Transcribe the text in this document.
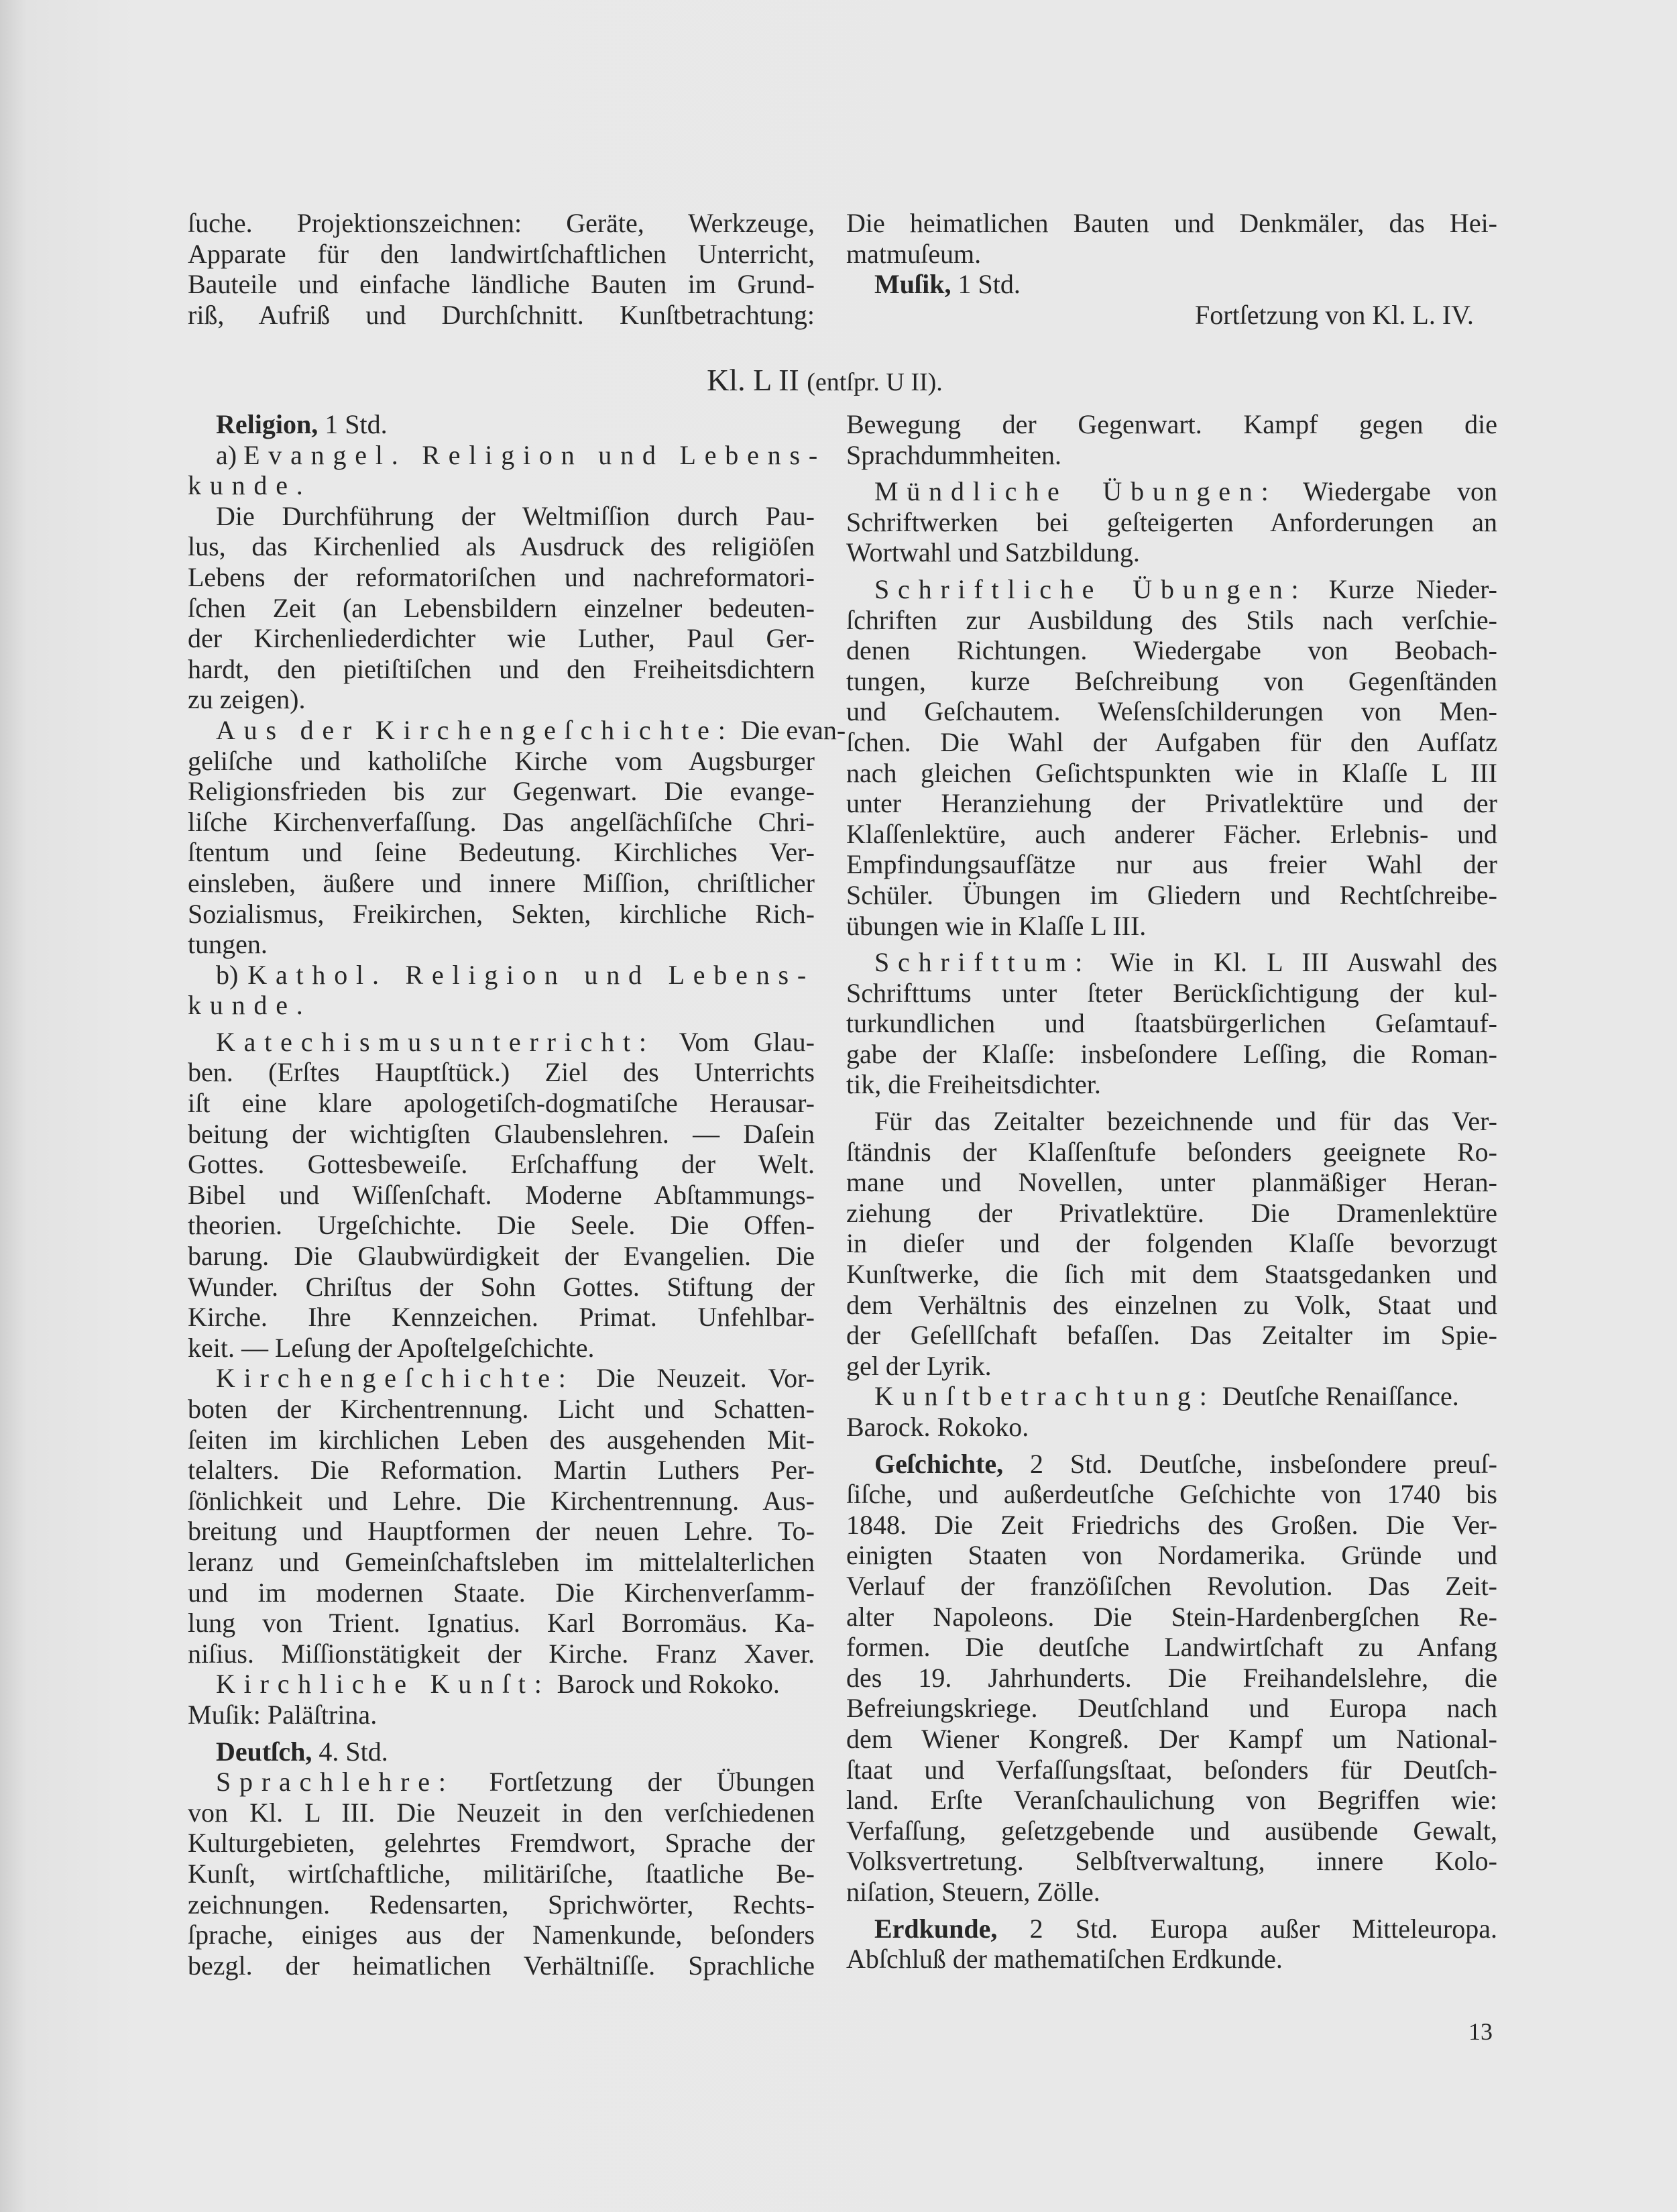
ſuche. Projektionszeichnen: Geräte, Werkzeuge,
Apparate für den landwirtſchaftlichen Unterricht,
Bauteile und einfache ländliche Bauten im Grund-
riß, Aufriß und Durchſchnitt. Kunſtbetrachtung:
Die heimatlichen Bauten und Denkmäler, das Hei-
matmuſeum.
Muſik, 1 Std.
Fortſetzung von Kl. L. IV.
Kl. L II (entſpr. U II).
Religion, 1 Std.
a) Evangel. Religion und Lebens-
kunde.
Die Durchführung der Weltmiſſion durch Pau-
lus, das Kirchenlied als Ausdruck des religiöſen
Lebens der reformatoriſchen und nachreformatori-
ſchen Zeit (an Lebensbildern einzelner bedeuten-
der Kirchenliederdichter wie Luther, Paul Ger-
hardt, den pietiſtiſchen und den Freiheitsdichtern
zu zeigen).
Aus der Kirchengeſchichte: Die evan-
geliſche und katholiſche Kirche vom Augsburger
Religionsfrieden bis zur Gegenwart. Die evange-
liſche Kirchenverfaſſung. Das angelſächſiſche Chri-
ſtentum und ſeine Bedeutung. Kirchliches Ver-
einsleben, äußere und innere Miſſion, chriſtlicher
Sozialismus, Freikirchen, Sekten, kirchliche Rich-
tungen.
b) Kathol. Religion und Lebens-
kunde.
Katechismusunterricht: Vom Glau-
ben. (Erſtes Hauptſtück.) Ziel des Unterrichts
iſt eine klare apologetiſch-dogmatiſche Herausar-
beitung der wichtigſten Glaubenslehren. — Daſein
Gottes. Gottesbeweiſe. Erſchaffung der Welt.
Bibel und Wiſſenſchaft. Moderne Abſtammungs-
theorien. Urgeſchichte. Die Seele. Die Offen-
barung. Die Glaubwürdigkeit der Evangelien. Die
Wunder. Chriſtus der Sohn Gottes. Stiftung der
Kirche. Ihre Kennzeichen. Primat. Unfehlbar-
keit. — Leſung der Apoſtelgeſchichte.
Kirchengeſchichte: Die Neuzeit. Vor-
boten der Kirchentrennung. Licht und Schatten-
ſeiten im kirchlichen Leben des ausgehenden Mit-
telalters. Die Reformation. Martin Luthers Per-
ſönlichkeit und Lehre. Die Kirchentrennung. Aus-
breitung und Hauptformen der neuen Lehre. To-
leranz und Gemeinſchaftsleben im mittelalterlichen
und im modernen Staate. Die Kirchenverſamm-
lung von Trient. Ignatius. Karl Borromäus. Ka-
niſius. Miſſionstätigkeit der Kirche. Franz Xaver.
Kirchliche Kunſt: Barock und Rokoko.
Muſik: Paläſtrina.
Deutſch, 4. Std.
Sprachlehre: Fortſetzung der Übungen
von Kl. L III. Die Neuzeit in den verſchiedenen
Kulturgebieten, gelehrtes Fremdwort, Sprache der
Kunſt, wirtſchaftliche, militäriſche, ſtaatliche Be-
zeichnungen. Redensarten, Sprichwörter, Rechts-
ſprache, einiges aus der Namenkunde, beſonders
bezgl. der heimatlichen Verhältniſſe. Sprachliche
Bewegung der Gegenwart. Kampf gegen die
Sprachdummheiten.
Mündliche Übungen: Wiedergabe von
Schriftwerken bei geſteigerten Anforderungen an
Wortwahl und Satzbildung.
Schriftliche Übungen: Kurze Nieder-
ſchriften zur Ausbildung des Stils nach verſchie-
denen Richtungen. Wiedergabe von Beobach-
tungen, kurze Beſchreibung von Gegenſtänden
und Geſchautem. Weſensſchilderungen von Men-
ſchen. Die Wahl der Aufgaben für den Aufſatz
nach gleichen Geſichtspunkten wie in Klaſſe L III
unter Heranziehung der Privatlektüre und der
Klaſſenlektüre, auch anderer Fächer. Erlebnis- und
Empfindungsaufſätze nur aus freier Wahl der
Schüler. Übungen im Gliedern und Rechtſchreibe-
übungen wie in Klaſſe L III.
Schrifttum: Wie in Kl. L III Auswahl des
Schrifttums unter ſteter Berückſichtigung der kul-
turkundlichen und ſtaatsbürgerlichen Geſamtauf-
gabe der Klaſſe: insbeſondere Leſſing, die Roman-
tik, die Freiheitsdichter.
Für das Zeitalter bezeichnende und für das Ver-
ſtändnis der Klaſſenſtufe beſonders geeignete Ro-
mane und Novellen, unter planmäßiger Heran-
ziehung der Privatlektüre. Die Dramenlektüre
in dieſer und der folgenden Klaſſe bevorzugt
Kunſtwerke, die ſich mit dem Staatsgedanken und
dem Verhältnis des einzelnen zu Volk, Staat und
der Geſellſchaft befaſſen. Das Zeitalter im Spie-
gel der Lyrik.
Kunſtbetrachtung: Deutſche Renaiſſance.
Barock. Rokoko.
Geſchichte, 2 Std. Deutſche, insbeſondere preuſ-
ſiſche, und außerdeutſche Geſchichte von 1740 bis
1848. Die Zeit Friedrichs des Großen. Die Ver-
einigten Staaten von Nordamerika. Gründe und
Verlauf der franzöſiſchen Revolution. Das Zeit-
alter Napoleons. Die Stein-Hardenbergſchen Re-
formen. Die deutſche Landwirtſchaft zu Anfang
des 19. Jahrhunderts. Die Freihandelslehre, die
Befreiungskriege. Deutſchland und Europa nach
dem Wiener Kongreß. Der Kampf um National-
ſtaat und Verfaſſungsſtaat, beſonders für Deutſch-
land. Erſte Veranſchaulichung von Begriffen wie:
Verfaſſung, geſetzgebende und ausübende Gewalt,
Volksvertretung. Selbſtverwaltung, innere Kolo-
niſation, Steuern, Zölle.
Erdkunde, 2 Std. Europa außer Mitteleuropa.
Abſchluß der mathematiſchen Erdkunde.
13
